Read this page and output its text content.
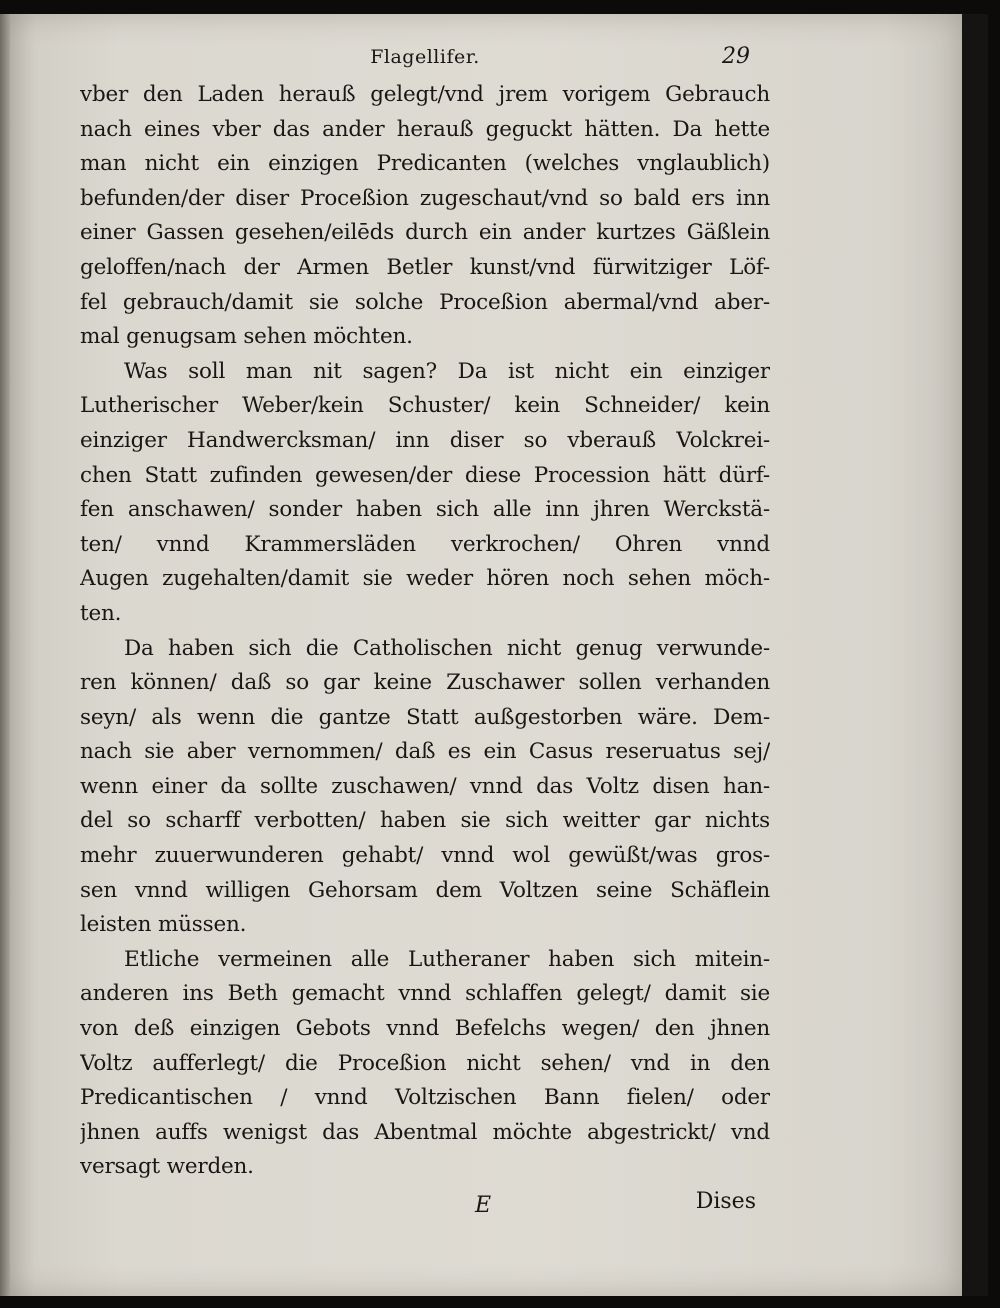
Flagellifer.	29
vber den Laden herauß gelegt/vnd jrem vorigem Gebrauch
nach eines vber das ander herauß geguckt hätten. Da hette
man nicht ein einzigen Predicanten (welches vnglaublich)
befunden/der diser Proceßion zugeschaut/vnd so bald ers inn
einer Gassen gesehen/eilēds durch ein ander kurtzes Gäßlein
geloffen/nach der Armen Betler kunst/vnd fürwitziger Löf-
fel gebrauch/damit sie solche Proceßion abermal/vnd aber-
mal genugsam sehen möchten.
Was soll man nit sagen? Da ist nicht ein einziger
Lutherischer Weber/kein Schuster/ kein Schneider/ kein
einziger Handwercksman/ inn diser so vberauß Volckrei-
chen Statt zufinden gewesen/der diese Procession hätt dürf-
fen anschawen/ sonder haben sich alle inn jhren Werckstä-
ten/ vnnd Krammersläden verkrochen/ Ohren vnnd
Augen zugehalten/damit sie weder hören noch sehen möch-
ten.
Da haben sich die Catholischen nicht genug verwunde-
ren können/ daß so gar keine Zuschawer sollen verhanden
seyn/ als wenn die gantze Statt außgestorben wäre. Dem-
nach sie aber vernommen/ daß es ein Casus reseruatus sej/
wenn einer da sollte zuschawen/ vnnd das Voltz disen han-
del so scharff verbotten/ haben sie sich weitter gar nichts
mehr zuuerwunderen gehabt/ vnnd wol gewüßt/was gros-
sen vnnd willigen Gehorsam dem Voltzen seine Schäflein
leisten müssen.
Etliche vermeinen alle Lutheraner haben sich mitein-
anderen ins Beth gemacht vnnd schlaffen gelegt/ damit sie
von deß einzigen Gebots vnnd Befelchs wegen/ den jhnen
Voltz aufferlegt/ die Proceßion nicht sehen/ vnd in den
Predicantischen / vnnd Voltzischen Bann fielen/ oder
jhnen auffs wenigst das Abentmal möchte abgestrickt/ vnd
versagt werden.
E	Dises
